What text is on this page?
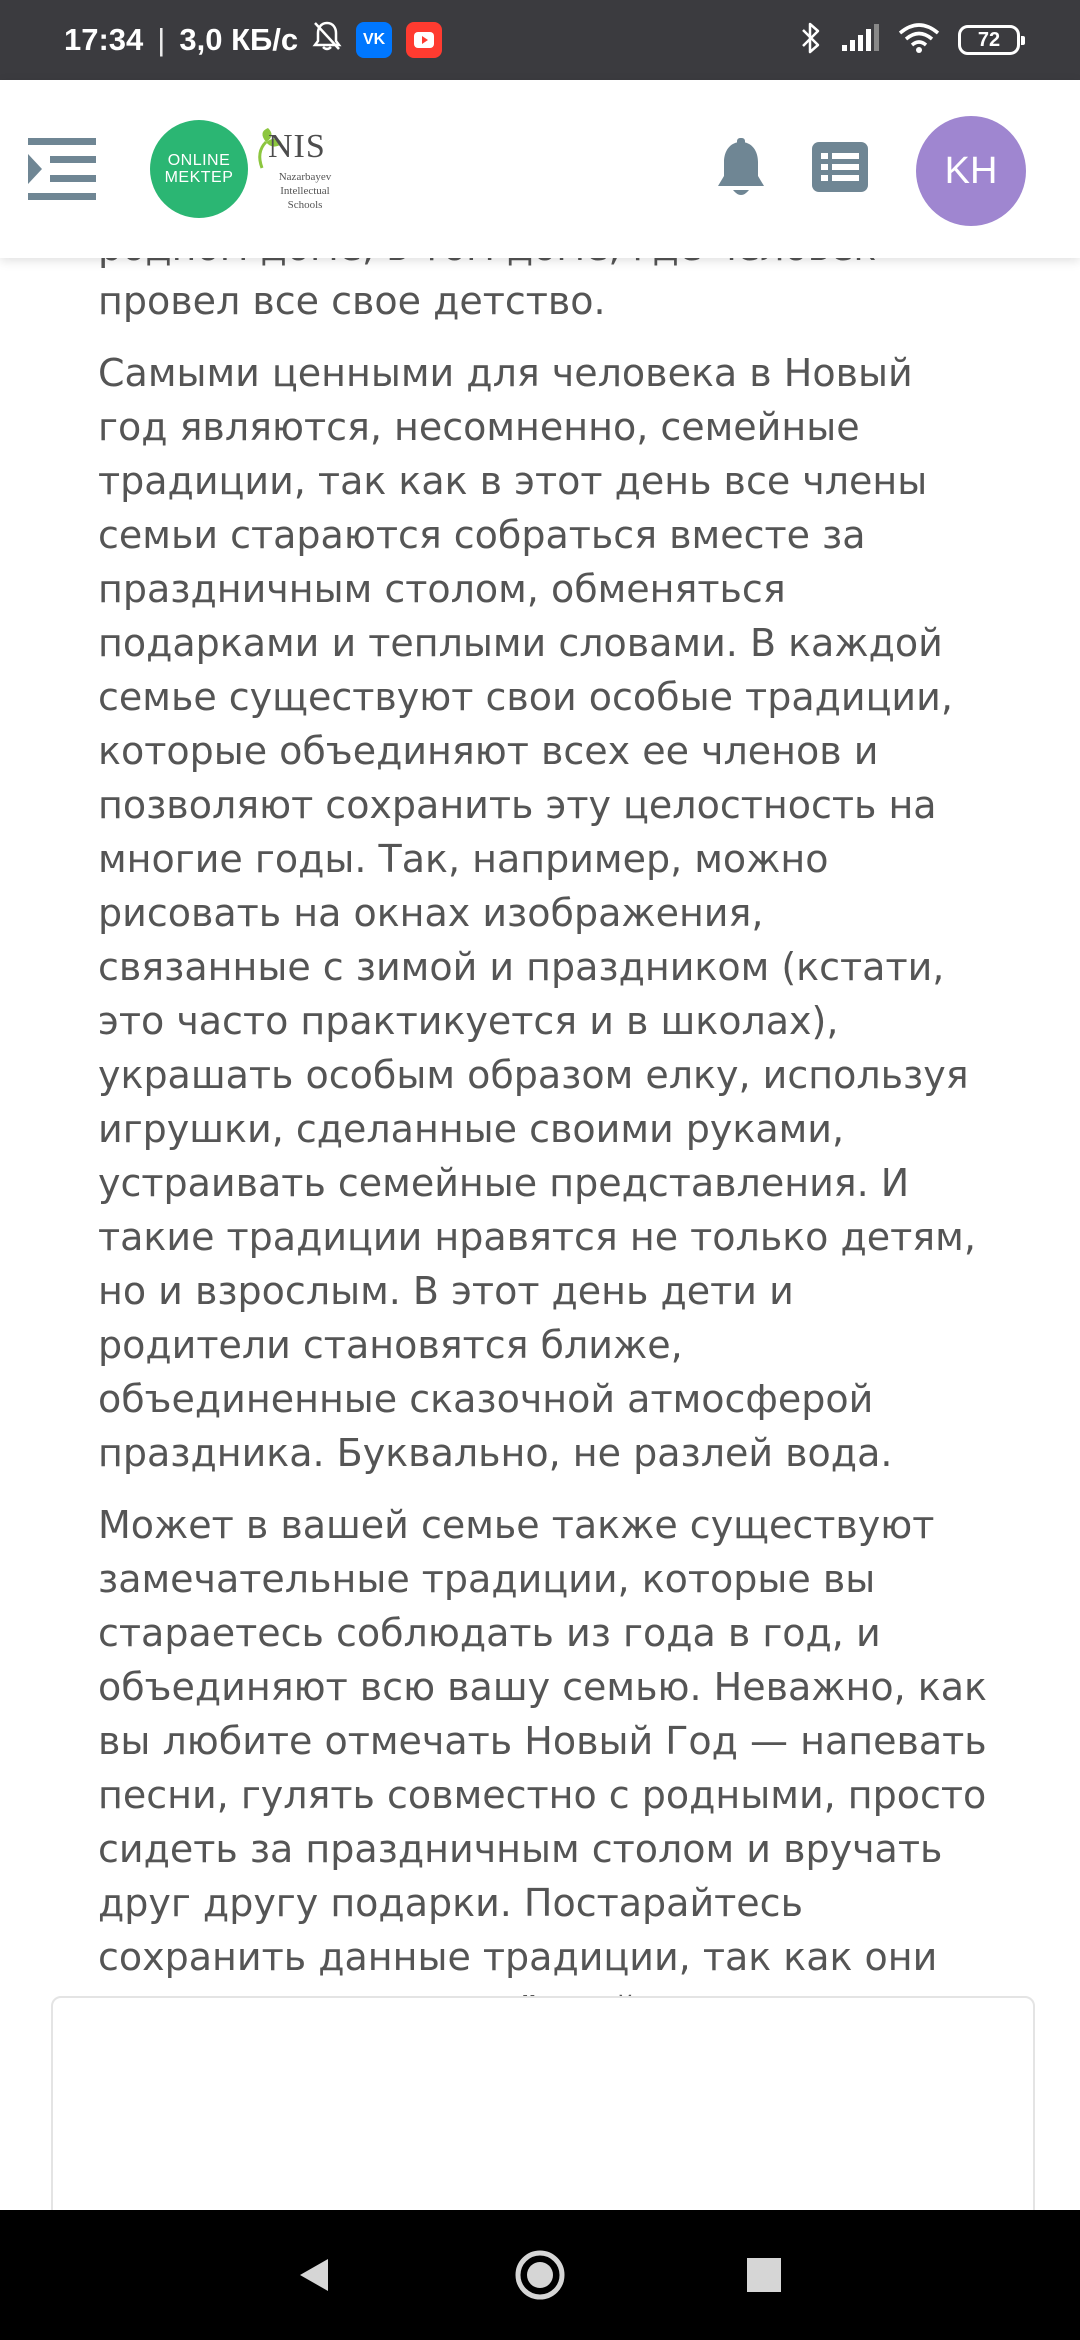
провел все свое детство.

Самыми ценными для человека в Новый год являются, несомненно, семейные традиции, так как в этот день все члены семьи стараются собраться вместе за праздничным столом, обменяться подарками и теплыми словами. В каждой семье существуют свои особые традиции, которые объединяют всех ее членов и позволяют сохранить эту целостность на многие годы. Так, например, можно рисовать на окнах изображения, связанные с зимой и праздником (кстати, это часто практикуется и в школах), украшать особым образом елку, используя игрушки, сделанные своими руками, устраивать семейные представления. И такие традиции нравятся не только детям, но и взрослым. В этот день дети и родители становятся ближе, объединенные сказочной атмосферой праздника. Буквально, не разлей вода.

Может в вашей семье также существуют замечательные традиции, которые вы стараетесь соблюдать из года в год, и объединяют всю вашу семью. Неважно, как вы любите отмечать Новый Год — напевать песни, гулять совместно с родными, просто сидеть за праздничным столом и вручать друг другу подарки. Постарайтесь сохранить данные традиции, так как они

17:34 | 3,0 КБ/с	VK	72
ONLINE
MEKTEP
NIS
Nazarbayev Intellectual Schools
KH
